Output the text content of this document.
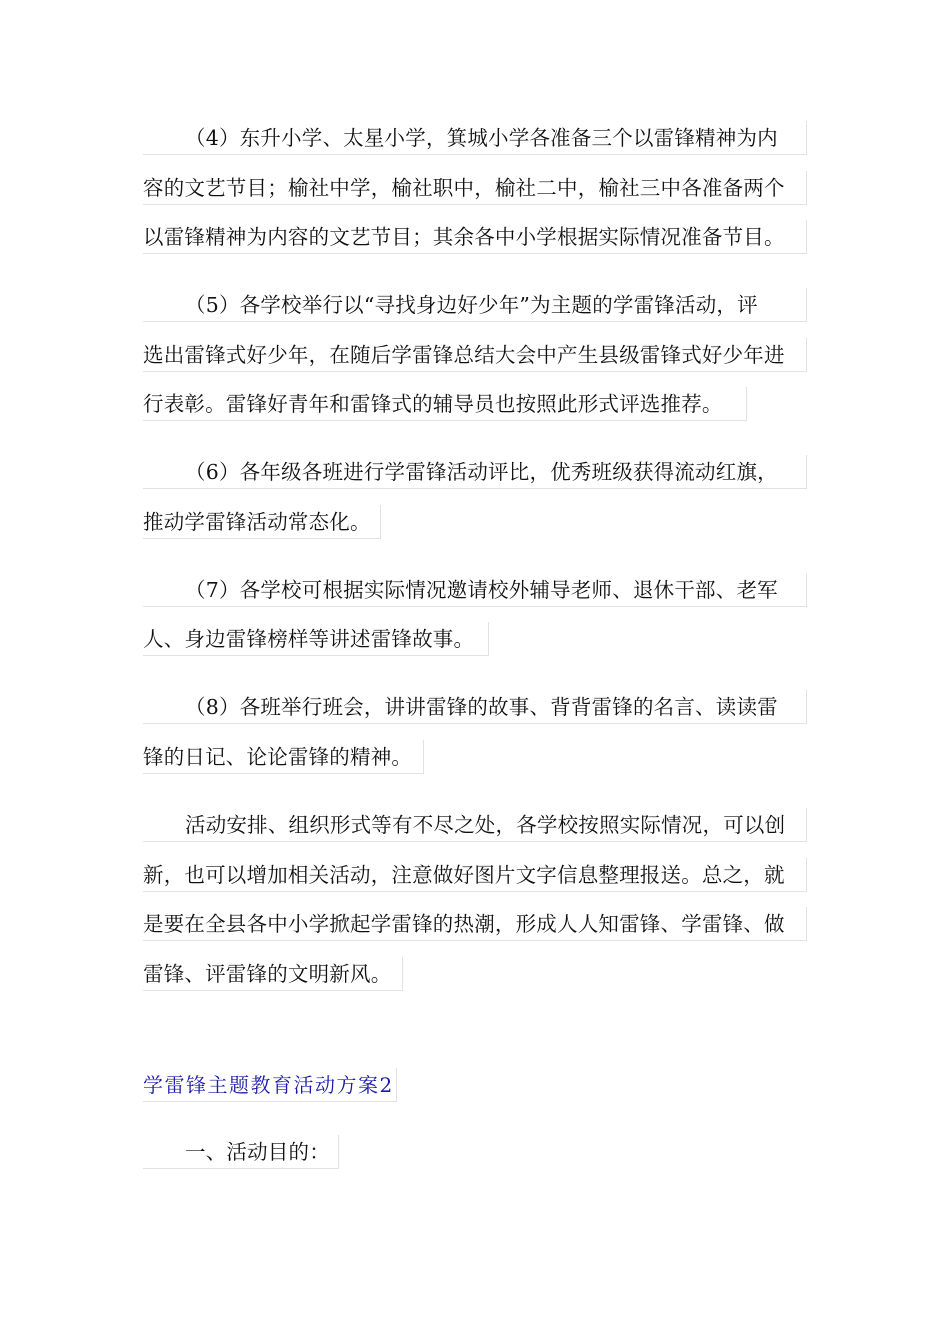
（4）东升小学、太星小学，箕城小学各准备三个以雷锋精神为内
容的文艺节目；榆社中学，榆社职中，榆社二中，榆社三中各准备两个
以雷锋精神为内容的文艺节目；其余各中小学根据实际情况准备节目。
（5）各学校举行以“寻找身边好少年”为主题的学雷锋活动，评
选出雷锋式好少年，在随后学雷锋总结大会中产生县级雷锋式好少年进
行表彰。雷锋好青年和雷锋式的辅导员也按照此形式评选推荐。
（6）各年级各班进行学雷锋活动评比，优秀班级获得流动红旗，
推动学雷锋活动常态化。
（7）各学校可根据实际情况邀请校外辅导老师、退休干部、老军
人、身边雷锋榜样等讲述雷锋故事。
（8）各班举行班会，讲讲雷锋的故事、背背雷锋的名言、读读雷
锋的日记、论论雷锋的精神。
活动安排、组织形式等有不尽之处，各学校按照实际情况，可以创
新，也可以增加相关活动，注意做好图片文字信息整理报送。总之，就
是要在全县各中小学掀起学雷锋的热潮，形成人人知雷锋、学雷锋、做
雷锋、评雷锋的文明新风。
学雷锋主题教育活动方案2
一、活动目的：
